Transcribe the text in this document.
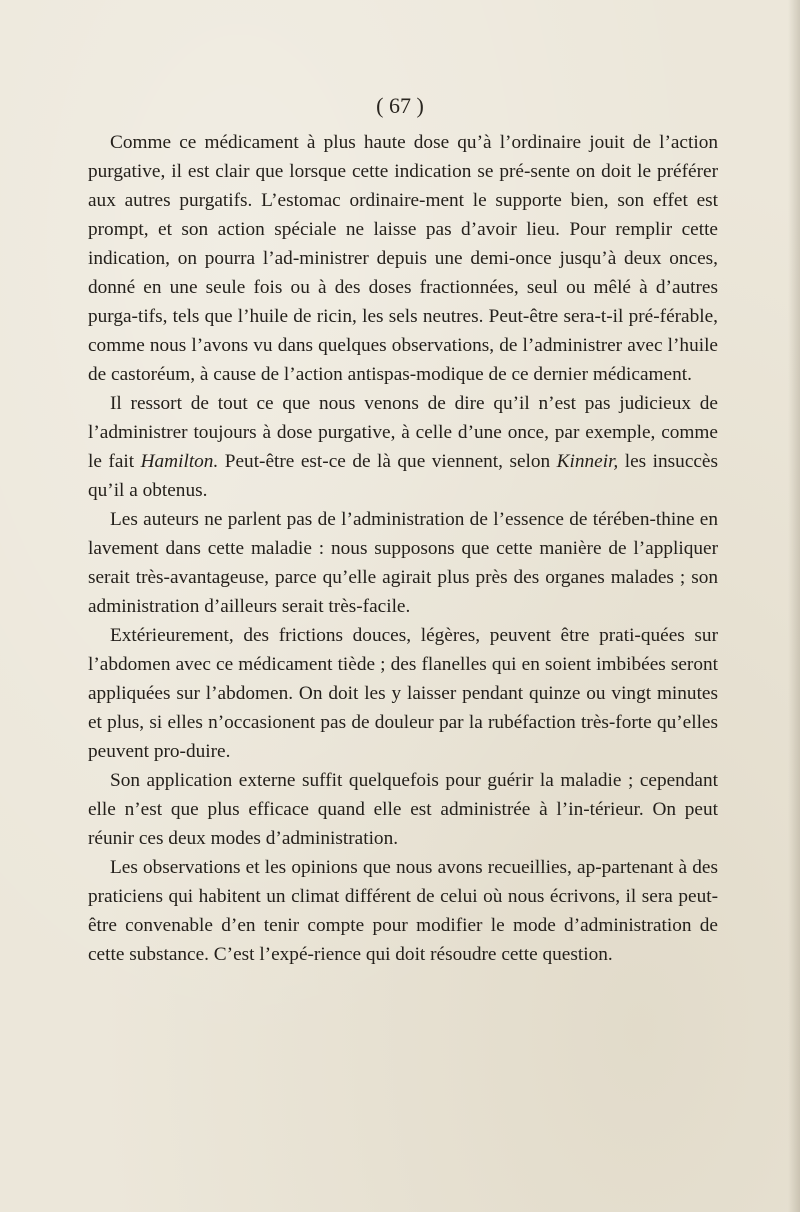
( 67 )

Comme ce médicament à plus haute dose qu’à l’ordinaire jouit de l’action purgative, il est clair que lorsque cette indication se pré-sente on doit le préférer aux autres purgatifs. L’estomac ordinaire-ment le supporte bien, son effet est prompt, et son action spéciale ne laisse pas d’avoir lieu. Pour remplir cette indication, on pourra l’ad-ministrer depuis une demi-once jusqu’à deux onces, donné en une seule fois ou à des doses fractionnées, seul ou mêlé à d’autres purga-tifs, tels que l’huile de ricin, les sels neutres. Peut-être sera-t-il pré-férable, comme nous l’avons vu dans quelques observations, de l’administrer avec l’huile de castoréum, à cause de l’action antispas-modique de ce dernier médicament.

Il ressort de tout ce que nous venons de dire qu’il n’est pas judicieux de l’administrer toujours à dose purgative, à celle d’une once, par exemple, comme le fait Hamilton. Peut-être est-ce de là que viennent, selon Kinneir, les insuccès qu’il a obtenus.

Les auteurs ne parlent pas de l’administration de l’essence de térében-thine en lavement dans cette maladie : nous supposons que cette manière de l’appliquer serait très-avantageuse, parce qu’elle agirait plus près des organes malades ; son administration d’ailleurs serait très-facile.

Extérieurement, des frictions douces, légères, peuvent être prati-quées sur l’abdomen avec ce médicament tiède ; des flanelles qui en soient imbibées seront appliquées sur l’abdomen. On doit les y laisser pendant quinze ou vingt minutes et plus, si elles n’occasionent pas de douleur par la rubéfaction très-forte qu’elles peuvent pro-duire.

Son application externe suffit quelquefois pour guérir la maladie ; cependant elle n’est que plus efficace quand elle est administrée à l’in-térieur. On peut réunir ces deux modes d’administration.

Les observations et les opinions que nous avons recueillies, ap-partenant à des praticiens qui habitent un climat différent de celui où nous écrivons, il sera peut-être convenable d’en tenir compte pour modifier le mode d’administration de cette substance. C’est l’expé-rience qui doit résoudre cette question.
